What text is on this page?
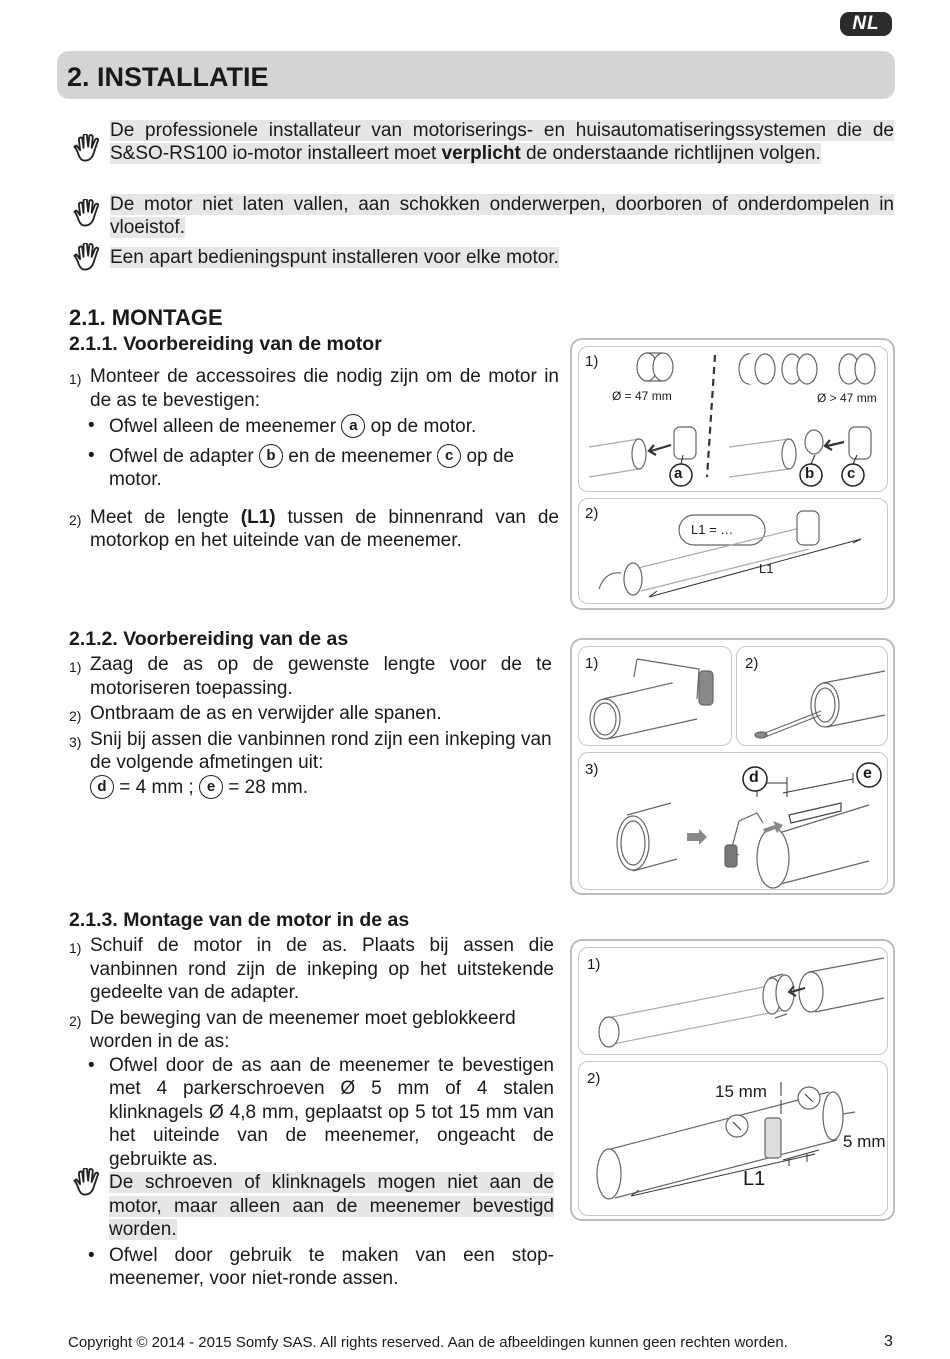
NL
2. INSTALLATIE
De professionele installateur van motoriserings- en huisautomatiseringssystemen die de S&SO-RS100 io-motor installeert moet verplicht de onderstaande richtlijnen volgen.
De motor niet laten vallen, aan schokken onderwerpen, doorboren of onderdompelen in vloeistof.
Een apart bedieningspunt installeren voor elke motor.
2.1. MONTAGE
2.1.1. Voorbereiding van de motor
1) Monteer de accessoires die nodig zijn om de motor in de as te bevestigen:
• Ofwel alleen de meenemer a op de motor.
• Ofwel de adapter b en de meenemer c op de motor.
2) Meet de lengte (L1) tussen de binnenrand van de motorkop en het uiteinde van de meenemer.
1)
Ø = 47 mm	Ø > 47 mm
a	b c
2)
L1 = …
L1
2.1.2. Voorbereiding van de as
1) Zaag de as op de gewenste lengte voor de te motoriseren toepassing.
2) Ontbraam de as en verwijder alle spanen.
3) Snij bij assen die vanbinnen rond zijn een inkeping van de volgende afmetingen uit:
d = 4 mm ; e = 28 mm.
1)	2)
3)	d	e
2.1.3. Montage van de motor in de as
1) Schuif de motor in de as. Plaats bij assen die vanbinnen rond zijn de inkeping op het uitstekende gedeelte van de adapter.
2) De beweging van de meenemer moet geblokkeerd worden in de as:
• Ofwel door de as aan de meenemer te bevestigen met 4 parkerschroeven Ø 5 mm of 4 stalen klinknagels Ø 4,8 mm, geplaatst op 5 tot 15 mm van het uiteinde van de meenemer, ongeacht de gebruikte as.
De schroeven of klinknagels mogen niet aan de motor, maar alleen aan de meenemer bevestigd worden.
• Ofwel door gebruik te maken van een stop-meenemer, voor niet-ronde assen.
1)
2)
15 mm
5 mm
L1
Copyright © 2014 - 2015 Somfy SAS. All rights reserved. Aan de afbeeldingen kunnen geen rechten worden.	3
